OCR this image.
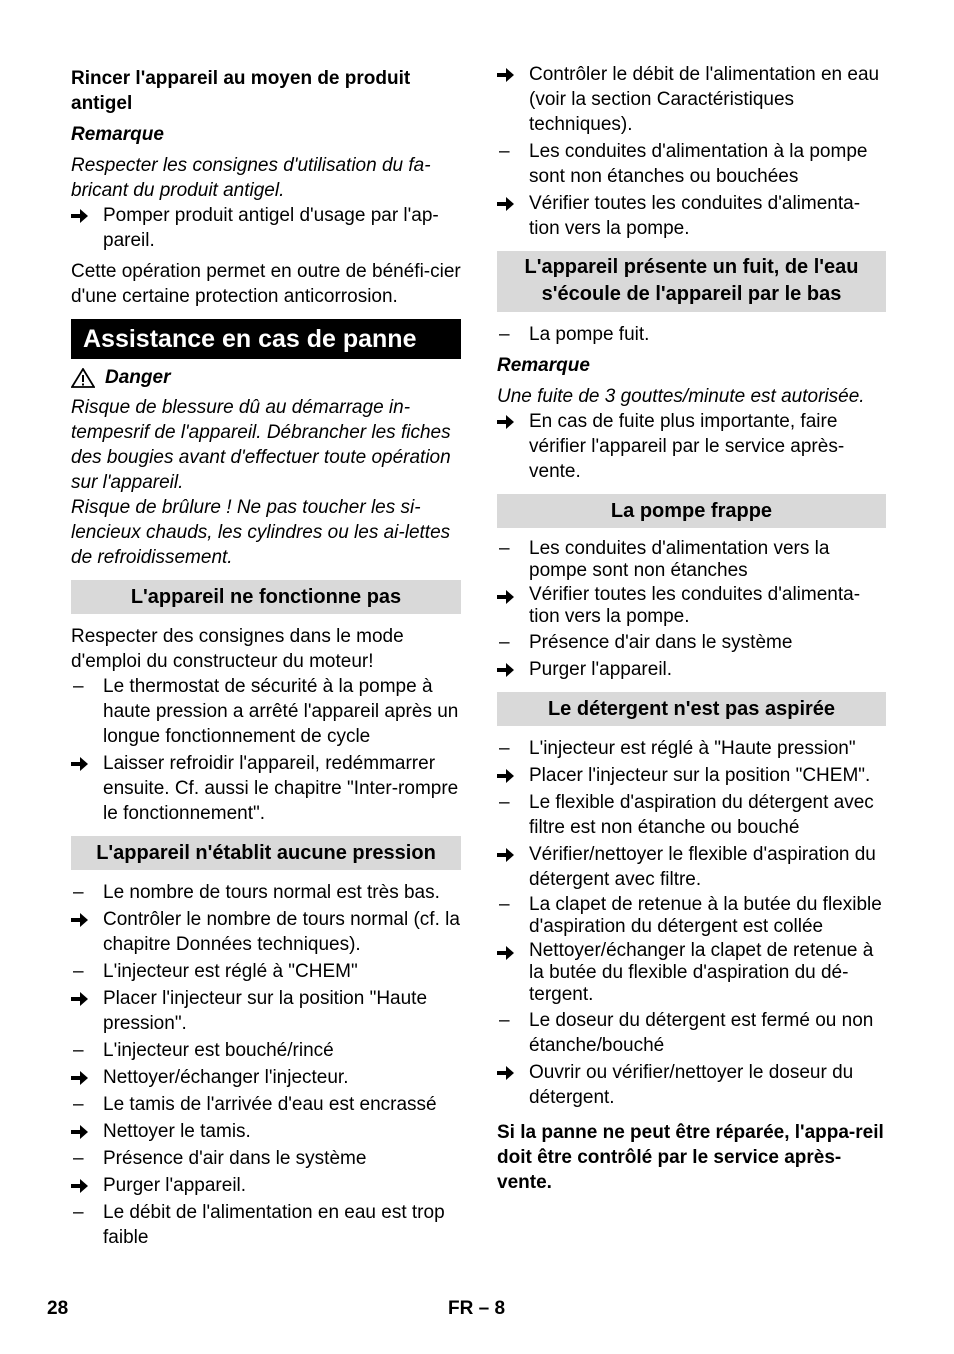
Rincer l'appareil au moyen de produit antigel

Remarque

Respecter les consignes d'utilisation du fa-bricant du produit antigel.

Pomper produit antigel d'usage par l'ap-pareil.

Cette opération permet en outre de bénéfi-cier d'une certaine protection anticorrosion.

Assistance en cas de panne
Danger

Risque de blessure dû au démarrage in-tempesrif de l'appareil. Débrancher les fiches des bougies avant d'effectuer toute opération sur l'appareil.

Risque de brûlure ! Ne pas toucher les si-lencieux chauds, les cylindres ou les ai-lettes de refroidissement.

L'appareil ne fonctionne pas

Respecter des consignes dans le mode d'emploi du constructeur du moteur!

–	Le thermostat de sécurité à la pompe à haute pression a arrêté l'appareil après un longue fonctionnement de cycle
Laisser refroidir l'appareil, redémmarrer ensuite. Cf. aussi le chapitre "Inter-rompre le fonctionnement".
L'appareil n'établit aucune pression
–	Le nombre de tours normal est très bas.
Contrôler le nombre de tours normal (cf. la chapitre Données techniques).
–	L'injecteur est réglé à "CHEM"
Placer l'injecteur sur la position "Haute pression".
–	L'injecteur est bouché/rincé
Nettoyer/échanger l'injecteur.
–	Le tamis de l'arrivée d'eau est encrassé
Nettoyer le tamis.
–	Présence d'air dans le système
Purger l'appareil.
–	Le débit de l'alimentation en eau est trop faible
Contrôler le débit de l'alimentation en eau (voir la section Caractéristiques techniques).
–	Les conduites d'alimentation à la pompe sont non étanches ou bouchées
Vérifier toutes les conduites d'alimenta-tion vers la pompe.
L'appareil présente un fuit, de l'eau s'écoule de l'appareil par le bas
–	La pompe fuit.

Remarque

Une fuite de 3 gouttes/minute est autorisée.

En cas de fuite plus importante, faire vérifier l'appareil par le service après-vente.
La pompe frappe
–	Les conduites d'alimentation vers la pompe sont non étanches
Vérifier toutes les conduites d'alimenta-tion vers la pompe.
–	Présence d'air dans le système
Purger l'appareil.
Le détergent n'est pas aspirée
–	L'injecteur est réglé à "Haute pression"
Placer l'injecteur sur la position "CHEM".
–	Le flexible d'aspiration du détergent avec filtre est non étanche ou bouché
Vérifier/nettoyer le flexible d'aspiration du détergent avec filtre.
–	La clapet de retenue à la butée du flexible d'aspiration du détergent est collée
Nettoyer/échanger la clapet de retenue à la butée du flexible d'aspiration du dé-tergent.
–	Le doseur du détergent est fermé ou non étanche/bouché
Ouvrir ou vérifier/nettoyer le doseur du détergent.

Si la panne ne peut être réparée, l'appa-reil doit être contrôlé par le service après-vente.

28	FR – 8
